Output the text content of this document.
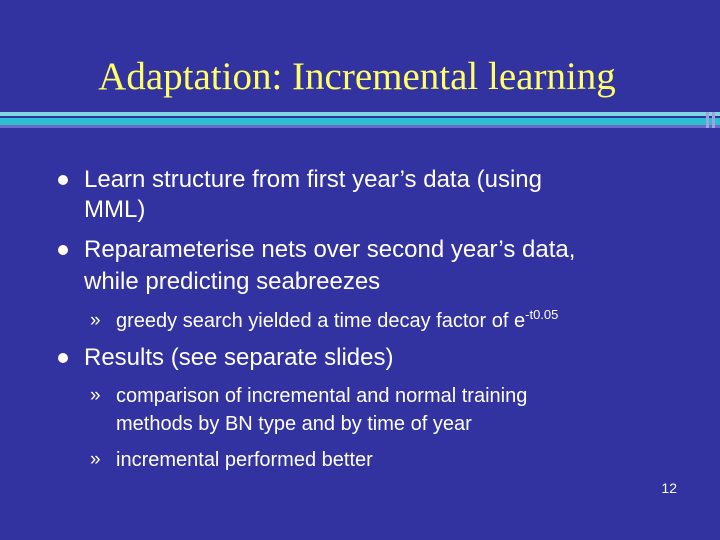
Adaptation: Incremental learning
Learn structure from first year’s data (using
MML)
Reparameterise nets over second year’s data,
while predicting seabreezes
» greedy search yielded a time decay factor of $e^{-t0.05}$
Results (see separate slides)
» comparison of incremental and normal training
methods by BN type and by time of year
» incremental performed better
12
